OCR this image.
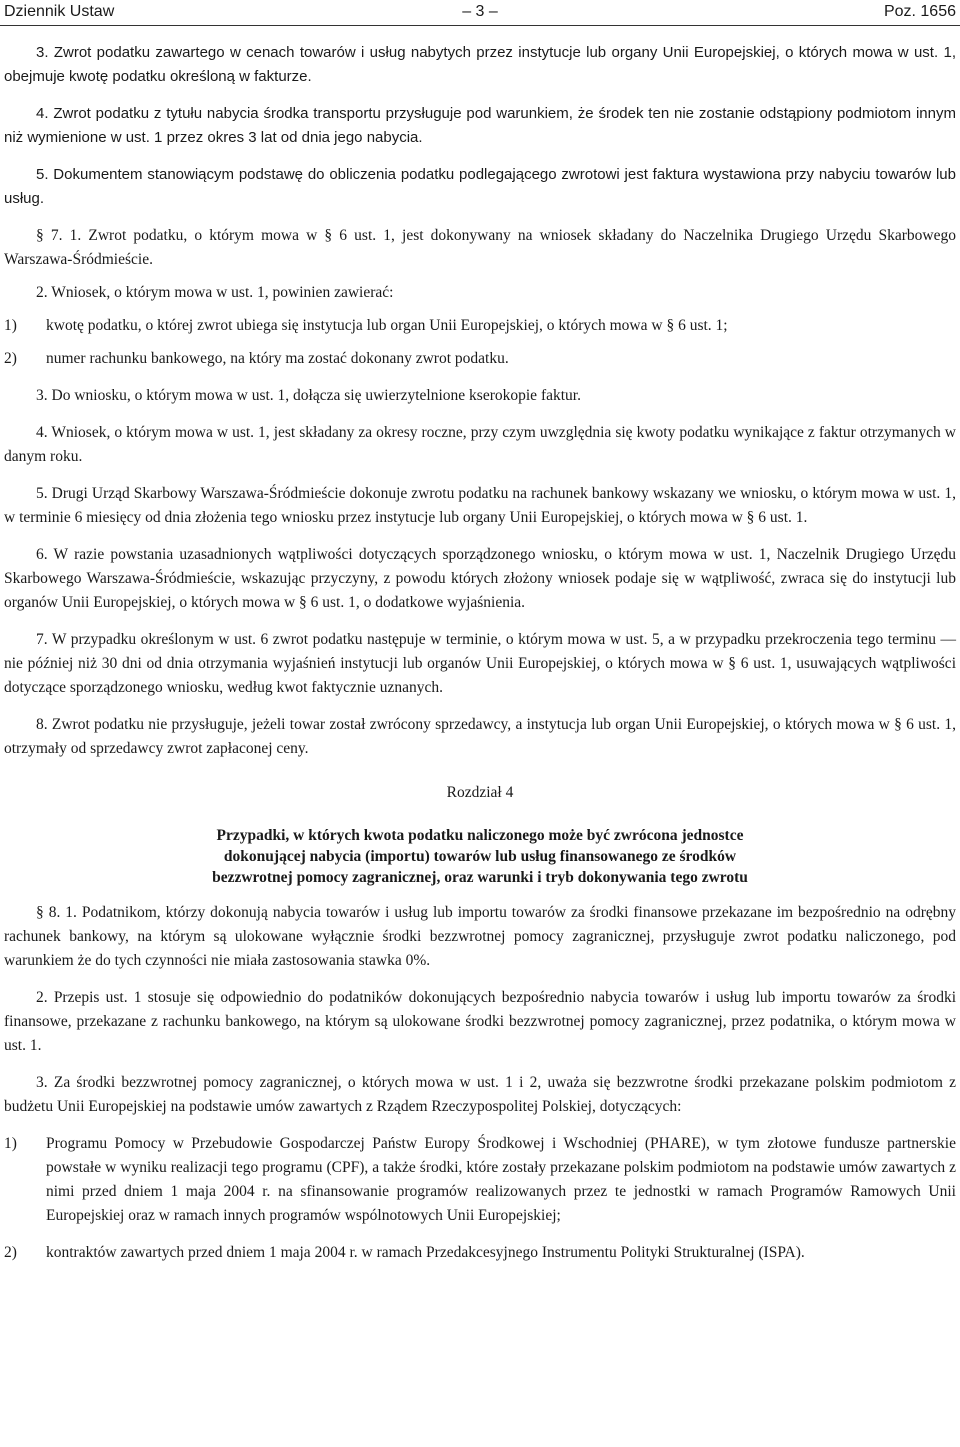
Dziennik Ustaw	– 3 –	Poz. 1656

3. Zwrot podatku zawartego w cenach towarów i usług nabytych przez instytucje lub organy Unii Europejskiej, o których mowa w ust. 1, obejmuje kwotę podatku określoną w fakturze.

4. Zwrot podatku z tytułu nabycia środka transportu przysługuje pod warunkiem, że środek ten nie zostanie odstąpiony podmiotom innym niż wymienione w ust. 1 przez okres 3 lat od dnia jego nabycia.

5. Dokumentem stanowiącym podstawę do obliczenia podatku podlegającego zwrotowi jest faktura wystawiona przy nabyciu towarów lub usług.

§ 7. 1. Zwrot podatku, o którym mowa w § 6 ust. 1, jest dokonywany na wniosek składany do Naczelnika Drugiego Urzędu Skarbowego Warszawa-Śródmieście.

2. Wniosek, o którym mowa w ust. 1, powinien zawierać:

1)	kwotę podatku, o której zwrot ubiega się instytucja lub organ Unii Europejskiej, o których mowa w § 6 ust. 1;
2)	numer rachunku bankowego, na który ma zostać dokonany zwrot podatku.

3. Do wniosku, o którym mowa w ust. 1, dołącza się uwierzytelnione kserokopie faktur.

4. Wniosek, o którym mowa w ust. 1, jest składany za okresy roczne, przy czym uwzględnia się kwoty podatku wynikające z faktur otrzymanych w danym roku.

5. Drugi Urząd Skarbowy Warszawa-Śródmieście dokonuje zwrotu podatku na rachunek bankowy wskazany we wniosku, o którym mowa w ust. 1, w terminie 6 miesięcy od dnia złożenia tego wniosku przez instytucje lub organy Unii Europejskiej, o których mowa w § 6 ust. 1.

6. W razie powstania uzasadnionych wątpliwości dotyczących sporządzonego wniosku, o którym mowa w ust. 1, Naczelnik Drugiego Urzędu Skarbowego Warszawa-Śródmieście, wskazując przyczyny, z powodu których złożony wniosek podaje się w wątpliwość, zwraca się do instytucji lub organów Unii Europejskiej, o których mowa w § 6 ust. 1, o dodatkowe wyjaśnienia.

7. W przypadku określonym w ust. 6 zwrot podatku następuje w terminie, o którym mowa w ust. 5, a w przypadku przekroczenia tego terminu — nie później niż 30 dni od dnia otrzymania wyjaśnień instytucji lub organów Unii Europejskiej, o których mowa w § 6 ust. 1, usuwających wątpliwości dotyczące sporządzonego wniosku, według kwot faktycznie uznanych.

8. Zwrot podatku nie przysługuje, jeżeli towar został zwrócony sprzedawcy, a instytucja lub organ Unii Europejskiej, o których mowa w § 6 ust. 1, otrzymały od sprzedawcy zwrot zapłaconej ceny.

Rozdział 4
Przypadki, w których kwota podatku naliczonego może być zwrócona jednostce
dokonującej nabycia (importu) towarów lub usług finansowanego ze środków
bezzwrotnej pomocy zagranicznej, oraz warunki i tryb dokonywania tego zwrotu

§ 8. 1. Podatnikom, którzy dokonują nabycia towarów i usług lub importu towarów za środki finansowe przekazane im bezpośrednio na odrębny rachunek bankowy, na którym są ulokowane wyłącznie środki bezzwrotnej pomocy zagranicznej, przysługuje zwrot podatku naliczonego, pod warunkiem że do tych czynności nie miała zastosowania stawka 0%.

2. Przepis ust. 1 stosuje się odpowiednio do podatników dokonujących bezpośrednio nabycia towarów i usług lub importu towarów za środki finansowe, przekazane z rachunku bankowego, na którym są ulokowane środki bezzwrotnej pomocy zagranicznej, przez podatnika, o którym mowa w ust. 1.

3. Za środki bezzwrotnej pomocy zagranicznej, o których mowa w ust. 1 i 2, uważa się bezzwrotne środki przekazane polskim podmiotom z budżetu Unii Europejskiej na podstawie umów zawartych z Rządem Rzeczypospolitej Polskiej, dotyczących:

1)	Programu Pomocy w Przebudowie Gospodarczej Państw Europy Środkowej i Wschodniej (PHARE), w tym złotowe fundusze partnerskie powstałe w wyniku realizacji tego programu (CPF), a także środki, które zostały przekazane polskim podmiotom na podstawie umów zawartych z nimi przed dniem 1 maja 2004 r. na sfinansowanie programów realizowanych przez te jednostki w ramach Programów Ramowych Unii Europejskiej oraz w ramach innych programów wspólnotowych Unii Europejskiej;
2)	kontraktów zawartych przed dniem 1 maja 2004 r. w ramach Przedakcesyjnego Instrumentu Polityki Strukturalnej (ISPA).
